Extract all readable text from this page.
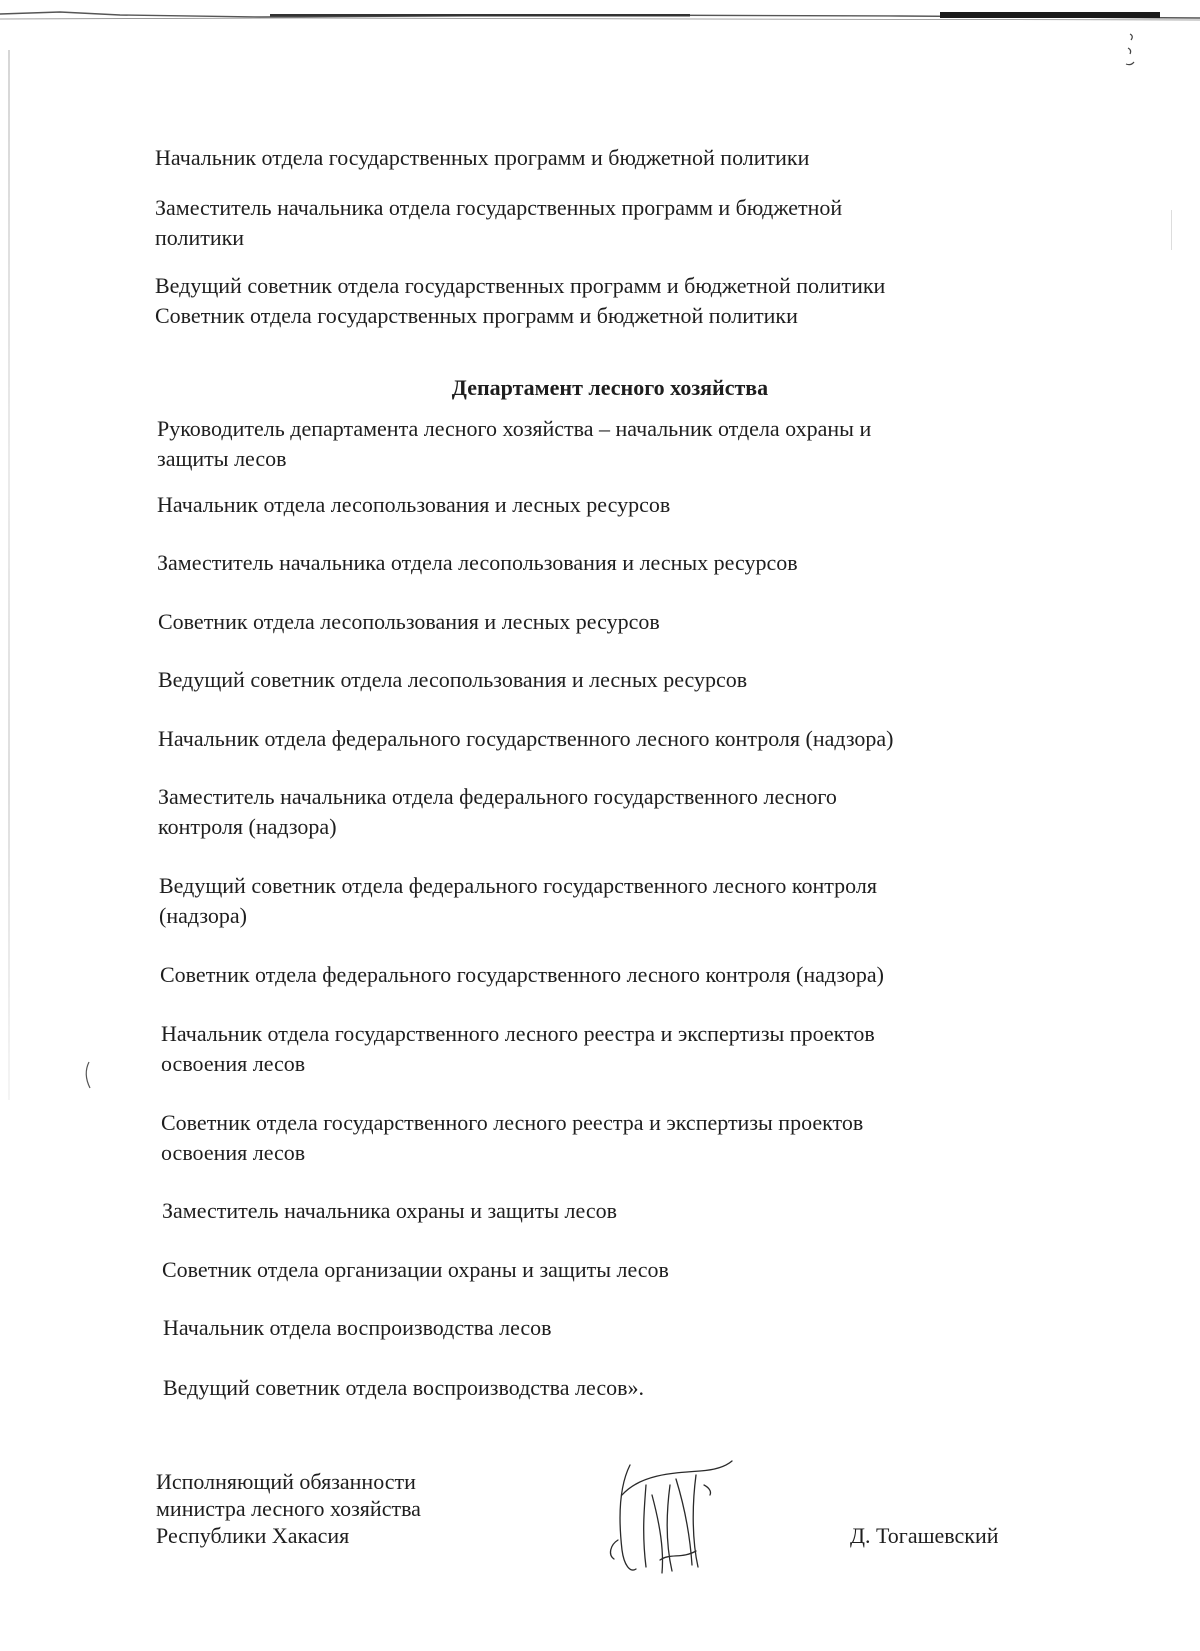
Начальник отдела государственных программ и бюджетной политики

Заместитель начальника отдела государственных программ и бюджетной
политики

Ведущий советник отдела государственных программ и бюджетной политики
Советник отдела государственных программ и бюджетной политики

Департамент лесного хозяйства

Руководитель департамента лесного хозяйства – начальник отдела охраны и
защиты лесов

Начальник отдела лесопользования и лесных ресурсов

Заместитель начальника отдела лесопользования и лесных ресурсов

Советник отдела лесопользования и лесных ресурсов

Ведущий советник отдела лесопользования и лесных ресурсов

Начальник отдела федерального государственного лесного контроля (надзора)

Заместитель начальника отдела федерального государственного лесного
контроля (надзора)

Ведущий советник отдела федерального государственного лесного контроля
(надзора)

Советник отдела федерального государственного лесного контроля (надзора)

Начальник отдела государственного лесного реестра и экспертизы проектов
освоения лесов

Советник отдела государственного лесного реестра и экспертизы проектов
освоения лесов

Заместитель начальника охраны и защиты лесов

Советник отдела организации охраны и защиты лесов

Начальник отдела воспроизводства лесов

Ведущий советник отдела воспроизводства лесов».

Исполняющий обязанности
министра лесного хозяйства
Республики Хакасия	Д. Тогашевский
